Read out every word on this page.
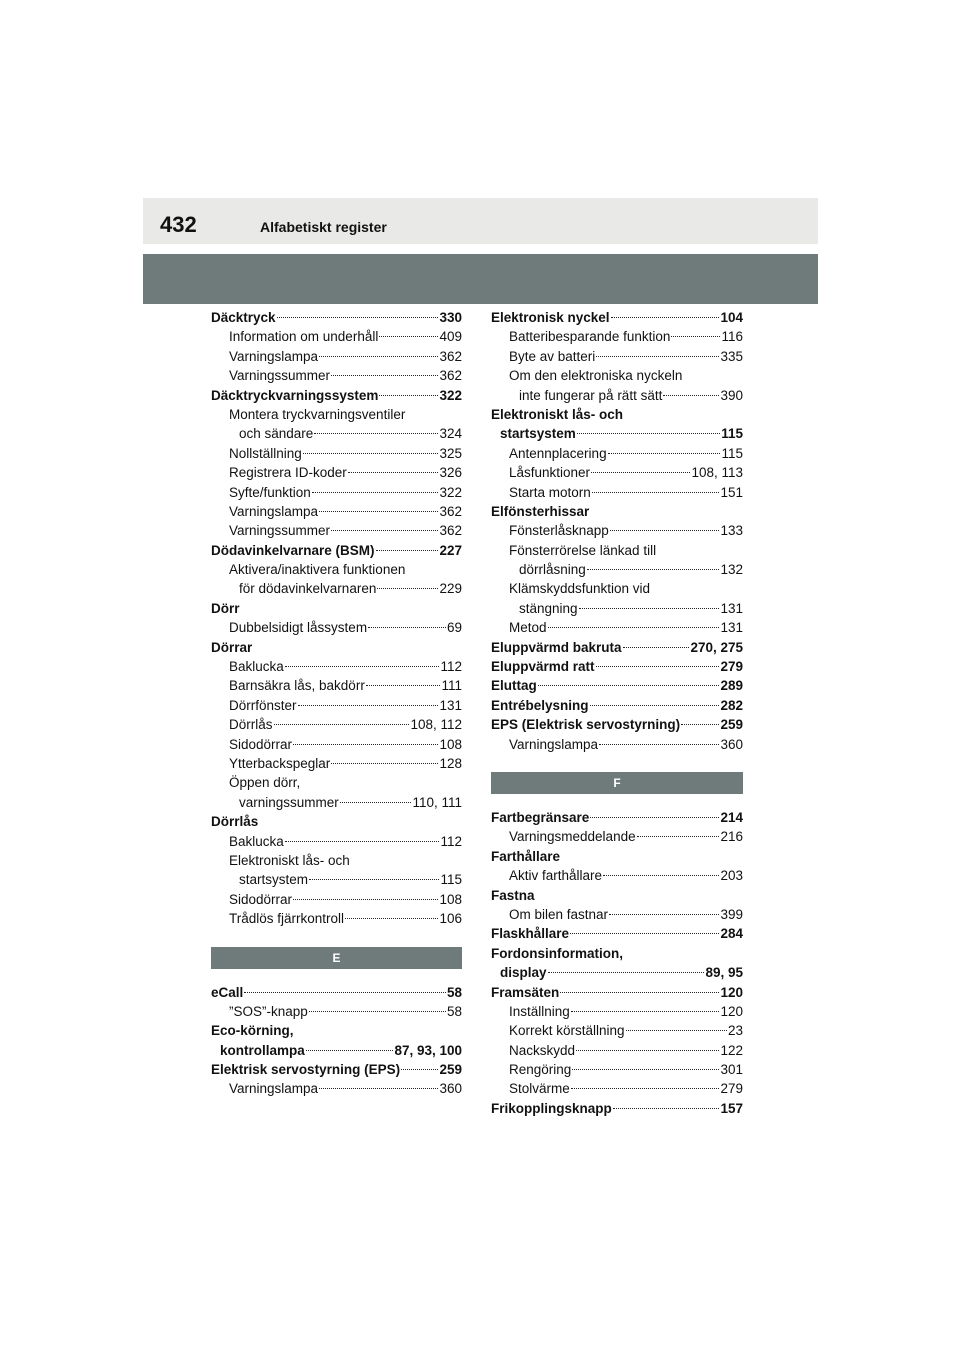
432	Alfabetiskt register
Däcktryck	330
Information om underhåll	409
Varningslampa	362
Varningssummer	362
Däcktryckvarningssystem	322
Montera tryckvarningsventiler
och sändare	324
Nollställning	325
Registrera ID-koder	326
Syfte/funktion	322
Varningslampa	362
Varningssummer	362
Dödavinkelvarnare (BSM)	227
Aktivera/inaktivera funktionen
för dödavinkelvarnaren	229
Dörr
Dubbelsidigt låssystem	69
Dörrar
Baklucka	112
Barnsäkra lås, bakdörr	111
Dörrfönster	131
Dörrlås	108, 112
Sidodörrar	108
Ytterbackspeglar	128
Öppen dörr,
varningssummer	110, 111
Dörrlås
Baklucka	112
Elektroniskt lås- och
startsystem	115
Sidodörrar	108
Trådlös fjärrkontroll	106
E
eCall	58
”SOS”-knapp	58
Eco-körning,
kontrollampa	87, 93, 100
Elektrisk servostyrning (EPS)	259
Varningslampa	360
Elektronisk nyckel	104
Batteribesparande funktion	116
Byte av batteri	335
Om den elektroniska nyckeln
inte fungerar på rätt sätt	390
Elektroniskt lås- och
startsystem	115
Antennplacering	115
Låsfunktioner	108, 113
Starta motorn	151
Elfönsterhissar
Fönsterlåsknapp	133
Fönsterrörelse länkad till
dörrlåsning	132
Klämskyddsfunktion vid
stängning	131
Metod	131
Eluppvärmd bakruta	270, 275
Eluppvärmd ratt	279
Eluttag	289
Entrébelysning	282
EPS (Elektrisk servostyrning)	259
Varningslampa	360
F
Fartbegränsare	214
Varningsmeddelande	216
Farthållare
Aktiv farthållare	203
Fastna
Om bilen fastnar	399
Flaskhållare	284
Fordonsinformation,
display	89, 95
Framsäten	120
Inställning	120
Korrekt körställning	23
Nackskydd	122
Rengöring	301
Stolvärme	279
Frikopplingsknapp	157
